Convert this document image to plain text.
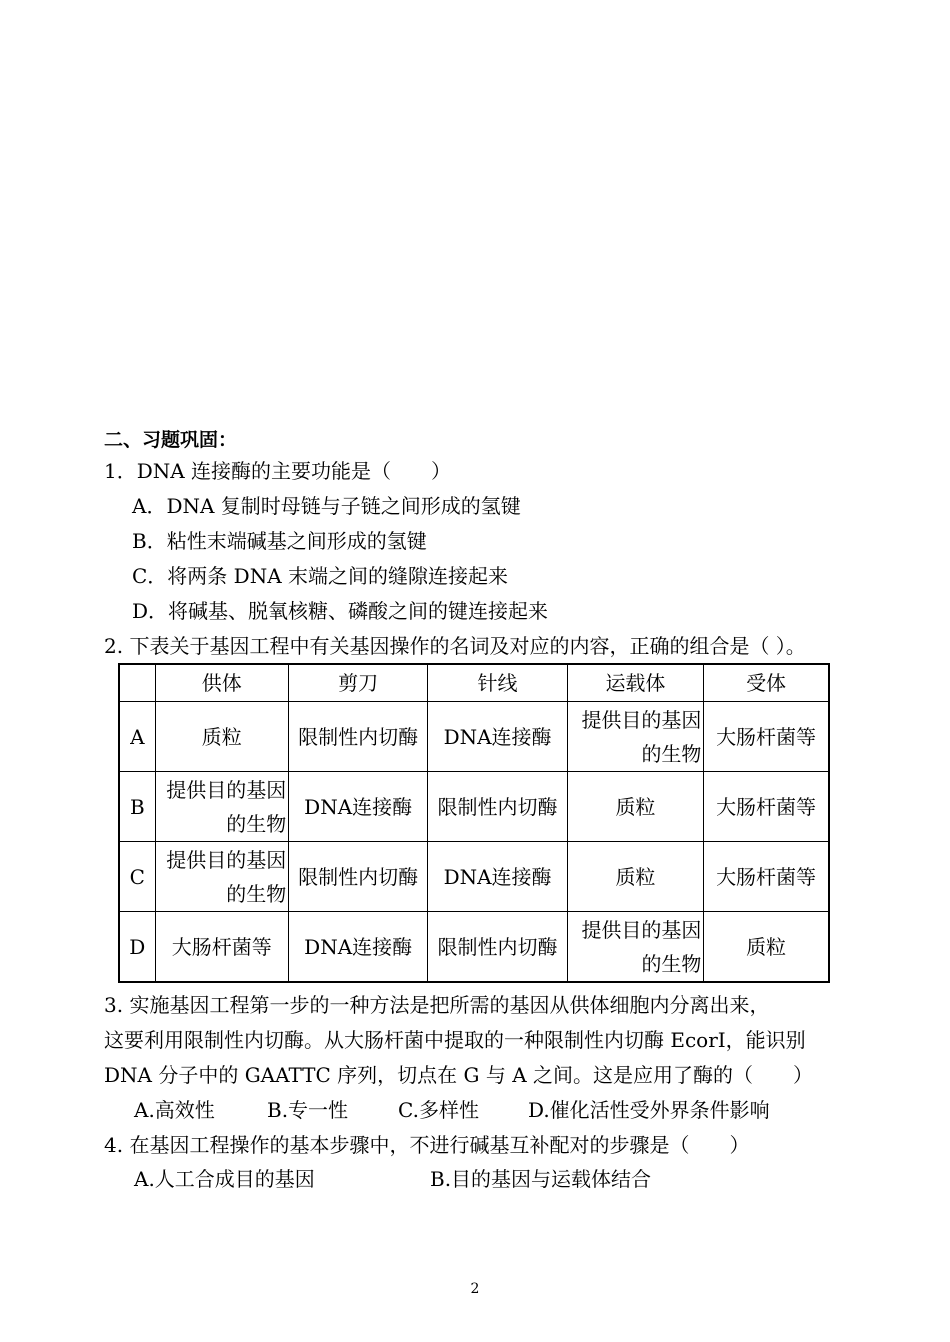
二、习题巩固：
1．DNA 连接酶的主要功能是（　　）
A．DNA 复制时母链与子链之间形成的氢键
B．粘性末端碱基之间形成的氢键
C．将两条 DNA 末端之间的缝隙连接起来
D．将碱基、脱氧核糖、磷酸之间的键连接起来
2. 下表关于基因工程中有关基因操作的名词及对应的内容，正确的组合是（ ）。
	供体	剪刀	针线	运载体	受体
A	质粒	限制性内切酶	DNA连接酶	提供目的基因的生物	大肠杆菌等
B	提供目的基因的生物	DNA连接酶	限制性内切酶	质粒	大肠杆菌等
C	提供目的基因的生物	限制性内切酶	DNA连接酶	质粒	大肠杆菌等
D	大肠杆菌等	DNA连接酶	限制性内切酶	提供目的基因的生物	质粒
3. 实施基因工程第一步的一种方法是把所需的基因从供体细胞内分离出来，
这要利用限制性内切酶。从大肠杆菌中提取的一种限制性内切酶 EcorI，能识别
DNA 分子中的 GAATTC 序列，切点在 G 与 A 之间。这是应用了酶的（　　）
A.高效性	B.专一性 C.多样性 D.催化活性受外界条件影响
4. 在基因工程操作的基本步骤中，不进行碱基互补配对的步骤是（　　）
A.人工合成目的基因	B.目的基因与运载体结合
2
